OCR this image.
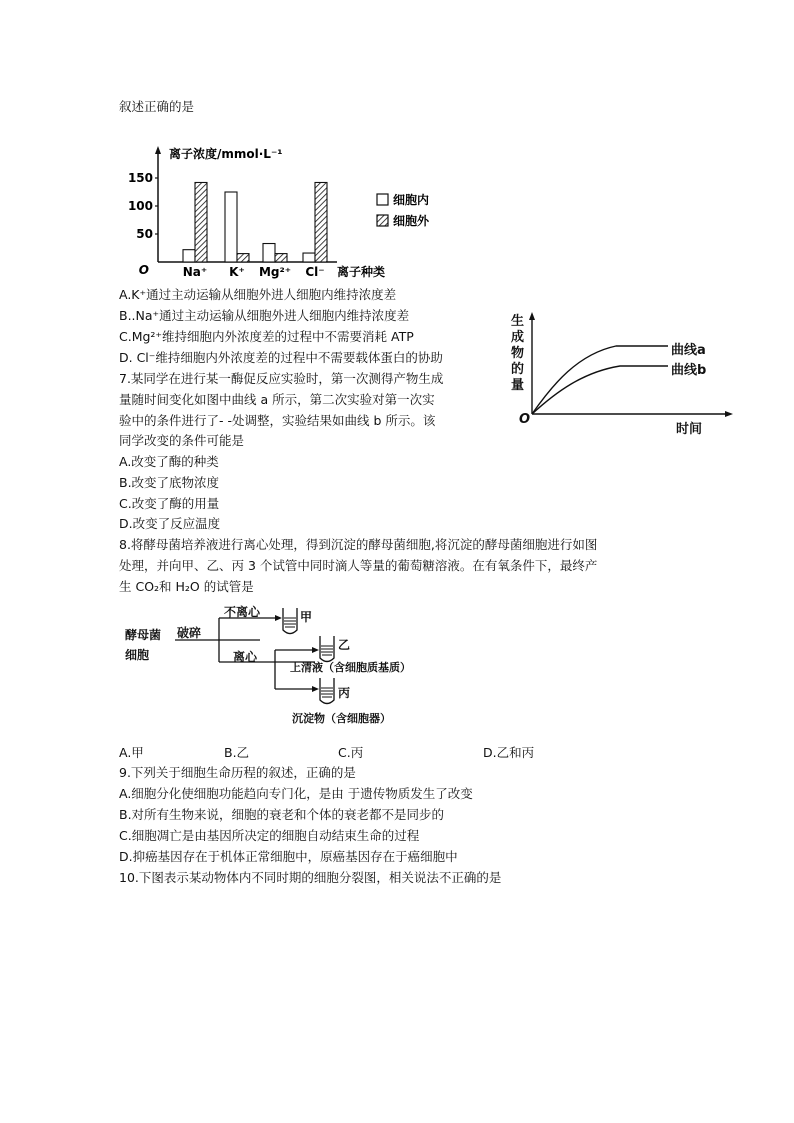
叙述正确的是
离子浓度/mmol·L⁻¹
150
100
50
O	Na⁺ K⁺ Mg²⁺ Cl⁻ 离子种类
细胞内
细胞外
A.K⁺通过主动运输从细胞外进人细胞内维持浓度差
B..Na⁺通过主动运输从细胞外进人细胞内维持浓度差
C.Mg²⁺维持细胞内外浓度差的过程中不需要消耗 ATP
D. Cl⁻维持细胞内外浓度差的过程中不需要载体蛋白的协助
7.某同学在进行某一酶促反应实验时，第一次测得产物生成
量随时间变化如图中曲线 a 所示，第二次实验对第一次实
验中的条件进行了- -处调整，实验结果如曲线 b 所示。该
同学改变的条件可能是
A.改变了酶的种类
B.改变了底物浓度
C.改变了酶的用量
D.改变了反应温度
生
成
物
的
量
曲线a
曲线b
O
时间
8.将酵母菌培养液进行离心处理，得到沉淀的酵母菌细胞,将沉淀的酵母菌细胞进行如图
处理，并向甲、乙、丙 3 个试管中同时滴人等量的葡萄糖溶液。在有氧条件下，最终产
生 CO₂和 H₂O 的试管是
酵母菌
细胞
破碎
不离心
离心
甲
乙
丙
上清液（含细胞质基质）
沉淀物（含细胞器）
A.甲	B.乙	C.丙	D.乙和丙
9.下列关于细胞生命历程的叙述，正确的是
A.细胞分化使细胞功能趋向专门化，是由 于遗传物质发生了改变
B.对所有生物来说，细胞的衰老和个体的衰老都不是同步的
C.细胞凋亡是由基因所决定的细胞自动结束生命的过程
D.抑癌基因存在于机体正常细胞中，原癌基因存在于癌细胞中
10.下图表示某动物体内不同时期的细胞分裂图，相关说法不正确的是
